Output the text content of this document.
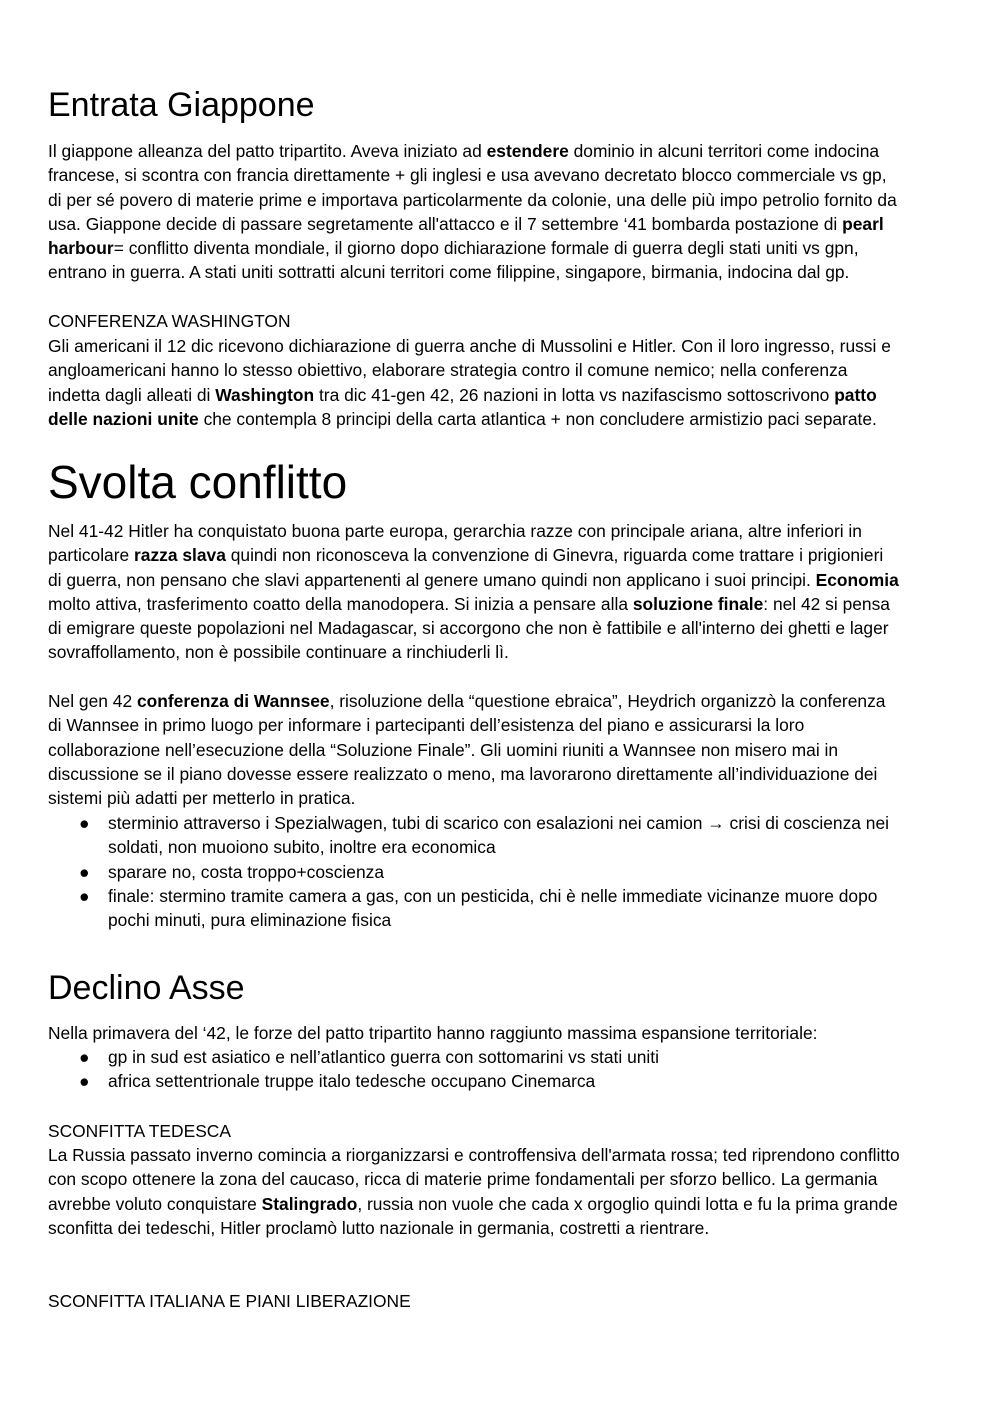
Entrata Giappone
Il giappone alleanza del patto tripartito. Aveva iniziato ad estendere dominio in alcuni territori come indocina
francese, si scontra con francia direttamente + gli inglesi e usa avevano decretato blocco commerciale vs gp,
di per sé povero di materie prime e importava particolarmente da colonie, una delle più impo petrolio fornito da
usa. Giappone decide di passare segretamente all'attacco e il 7 settembre ‘41 bombarda postazione di pearl
harbour= conflitto diventa mondiale, il giorno dopo dichiarazione formale di guerra degli stati uniti vs gpn,
entrano in guerra. A stati uniti sottratti alcuni territori come filippine, singapore, birmania, indocina dal gp.
CONFERENZA WASHINGTON
Gli americani il 12 dic ricevono dichiarazione di guerra anche di Mussolini e Hitler. Con il loro ingresso, russi e
angloamericani hanno lo stesso obiettivo, elaborare strategia contro il comune nemico; nella conferenza
indetta dagli alleati di Washington tra dic 41-gen 42, 26 nazioni in lotta vs nazifascismo sottoscrivono patto
delle nazioni unite che contempla 8 principi della carta atlantica + non concludere armistizio paci separate.
Svolta conflitto
Nel 41-42 Hitler ha conquistato buona parte europa, gerarchia razze con principale ariana, altre inferiori in
particolare razza slava quindi non riconosceva la convenzione di Ginevra, riguarda come trattare i prigionieri
di guerra, non pensano che slavi appartenenti al genere umano quindi non applicano i suoi principi. Economia
molto attiva, trasferimento coatto della manodopera. Si inizia a pensare alla soluzione finale: nel 42 si pensa
di emigrare queste popolazioni nel Madagascar, si accorgono che non è fattibile e all'interno dei ghetti e lager
sovraffollamento, non è possibile continuare a rinchiuderli lì.
Nel gen 42 conferenza di Wannsee, risoluzione della “questione ebraica”, Heydrich organizzò la conferenza
di Wannsee in primo luogo per informare i partecipanti dell’esistenza del piano e assicurarsi la loro
collaborazione nell’esecuzione della “Soluzione Finale”. Gli uomini riuniti a Wannsee non misero mai in
discussione se il piano dovesse essere realizzato o meno, ma lavorarono direttamente all’individuazione dei
sistemi più adatti per metterlo in pratica.
● sterminio attraverso i Spezialwagen, tubi di scarico con esalazioni nei camion → crisi di coscienza nei
soldati, non muoiono subito, inoltre era economica
● sparare no, costa troppo+coscienza
● finale: stermino tramite camera a gas, con un pesticida, chi è nelle immediate vicinanze muore dopo
pochi minuti, pura eliminazione fisica
Declino Asse
Nella primavera del ‘42, le forze del patto tripartito hanno raggiunto massima espansione territoriale:
● gp in sud est asiatico e nell’atlantico guerra con sottomarini vs stati uniti
● africa settentrionale truppe italo tedesche occupano Cinemarca
SCONFITTA TEDESCA
La Russia passato inverno comincia a riorganizzarsi e controffensiva dell'armata rossa; ted riprendono conflitto
con scopo ottenere la zona del caucaso, ricca di materie prime fondamentali per sforzo bellico. La germania
avrebbe voluto conquistare Stalingrado, russia non vuole che cada x orgoglio quindi lotta e fu la prima grande
sconfitta dei tedeschi, Hitler proclamò lutto nazionale in germania, costretti a rientrare.
SCONFITTA ITALIANA E PIANI LIBERAZIONE
